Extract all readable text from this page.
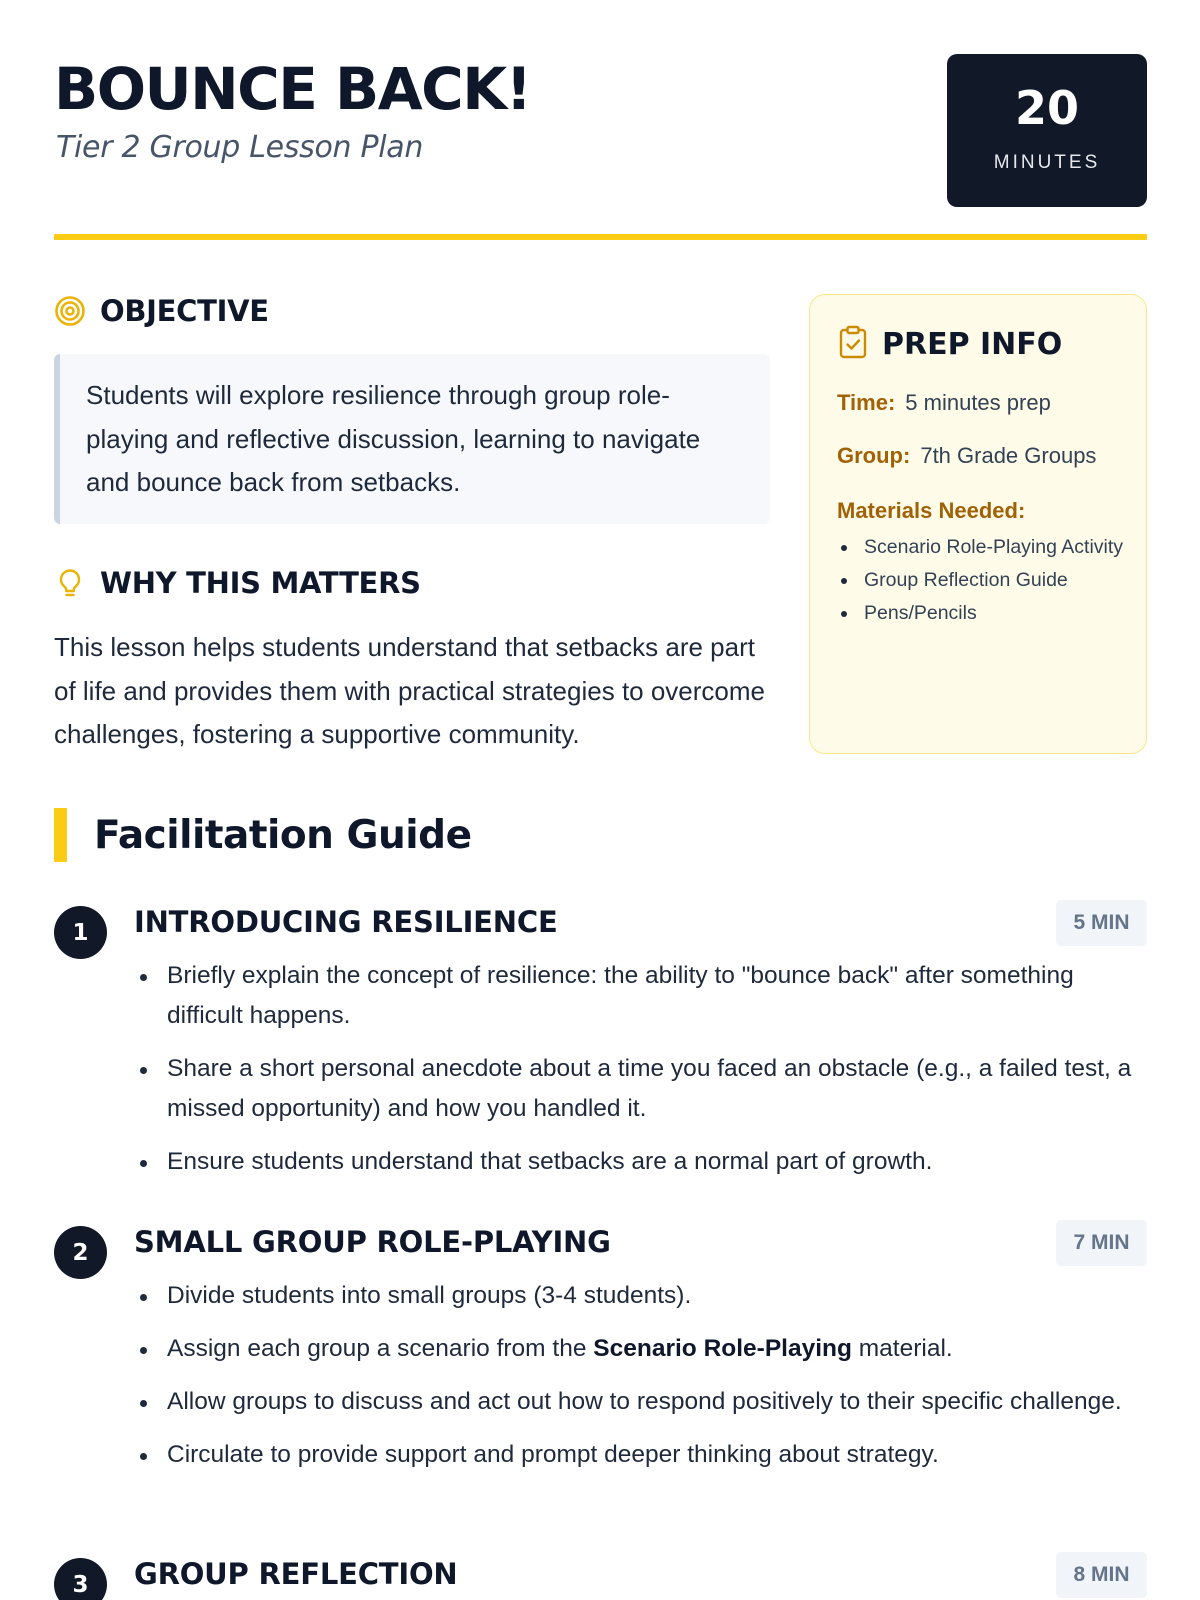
BOUNCE BACK!
Tier 2 Group Lesson Plan
20
MINUTES
OBJECTIVE
Students will explore resilience through group role-playing and reflective discussion, learning to navigate and bounce back from setbacks.
WHY THIS MATTERS
This lesson helps students understand that setbacks are part of life and provides them with practical strategies to overcome challenges, fostering a supportive community.
PREP INFO
Time: 5 minutes prep
Group: 7th Grade Groups
Materials Needed:
Scenario Role-Playing Activity
Group Reflection Guide
Pens/Pencils
Facilitation Guide
1	INTRODUCING RESILIENCE	5 MIN
Briefly explain the concept of resilience: the ability to "bounce back" after something difficult happens.
Share a short personal anecdote about a time you faced an obstacle (e.g., a failed test, a missed opportunity) and how you handled it.
Ensure students understand that setbacks are a normal part of growth.
2	SMALL GROUP ROLE-PLAYING	7 MIN
Divide students into small groups (3-4 students).
Assign each group a scenario from the Scenario Role-Playing material.
Allow groups to discuss and act out how to respond positively to their specific challenge.
Circulate to provide support and prompt deeper thinking about strategy.
3	GROUP REFLECTION	8 MIN
